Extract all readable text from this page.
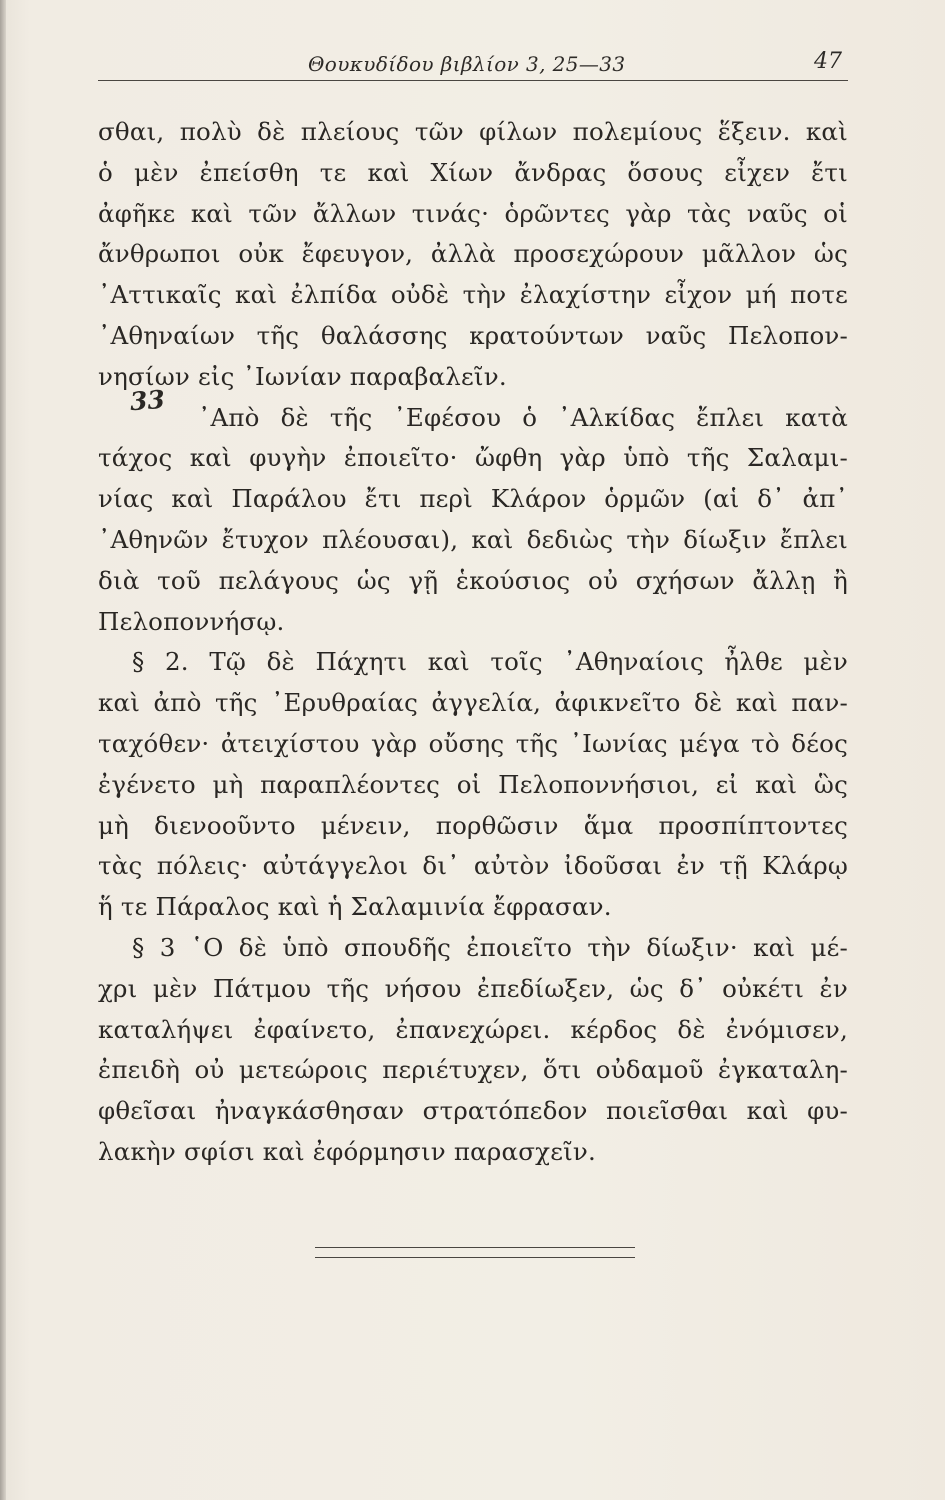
Θουκυδίδου βιβλίον 3, 25—33	47
33
σθαι, πολὺ δὲ πλείους τῶν φίλων πολεμίους ἕξειν. καὶ
ὁ μὲν ἐπείσθη τε καὶ Χίων ἄνδρας ὅσους εἶχεν ἔτι
ἀφῆκε καὶ τῶν ἄλλων τινάς· ὁρῶντες γὰρ τὰς ναῦς οἱ
ἄνθρωποι οὐκ ἔφευγον, ἀλλὰ προσεχώρουν μᾶλλον ὡς
᾿Αττικαῖς καὶ ἐλπίδα οὐδὲ τὴν ἐλαχίστην εἶχον μή ποτε
᾿Αθηναίων τῆς θαλάσσης κρατούντων ναῦς Πελοπον-
νησίων εἰς ᾿Ιωνίαν παραβαλεῖν.
᾿Απὸ δὲ τῆς ᾿Εφέσου ὁ ᾿Αλκίδας ἔπλει κατὰ
τάχος καὶ φυγὴν ἐποιεῖτο· ὤφθη γὰρ ὑπὸ τῆς Σαλαμι-
νίας καὶ Παράλου ἔτι περὶ Κλάρον ὁρμῶν (αἱ δ᾿ ἀπ᾿
᾿Αθηνῶν ἔτυχον πλέουσαι), καὶ δεδιὼς τὴν δίωξιν ἔπλει
διὰ τοῦ πελάγους ὡς γῇ ἑκούσιος οὐ σχήσων ἄλλῃ ἢ
Πελοποννήσῳ.
§ 2. Τῷ δὲ Πάχητι καὶ τοῖς ᾿Αθηναίοις ἦλθε μὲν
καὶ ἀπὸ τῆς ᾿Ερυθραίας ἀγγελία, ἀφικνεῖτο δὲ καὶ παν-
ταχόθεν· ἀτειχίστου γὰρ οὔσης τῆς ᾿Ιωνίας μέγα τὸ δέος
ἐγένετο μὴ παραπλέοντες οἱ Πελοποννήσιοι, εἰ καὶ ὣς
μὴ διενοοῦντο μένειν, πορθῶσιν ἅμα προσπίπτοντες
τὰς πόλεις· αὐτάγγελοι δι᾿ αὐτὸν ἰδοῦσαι ἐν τῇ Κλάρῳ
ἥ τε Πάραλος καὶ ἡ Σαλαμινία ἔφρασαν.
§ 3 ῾Ο δὲ ὑπὸ σπουδῆς ἐποιεῖτο τὴν δίωξιν· καὶ μέ-
χρι μὲν Πάτμου τῆς νήσου ἐπεδίωξεν, ὡς δ᾿ οὐκέτι ἐν
καταλήψει ἐφαίνετο, ἐπανεχώρει. κέρδος δὲ ἐνόμισεν,
ἐπειδὴ οὐ μετεώροις περιέτυχεν, ὅτι οὐδαμοῦ ἐγκαταλη-
φθεῖσαι ἠναγκάσθησαν στρατόπεδον ποιεῖσθαι καὶ φυ-
λακὴν σφίσι καὶ ἐφόρμησιν παρασχεῖν.
